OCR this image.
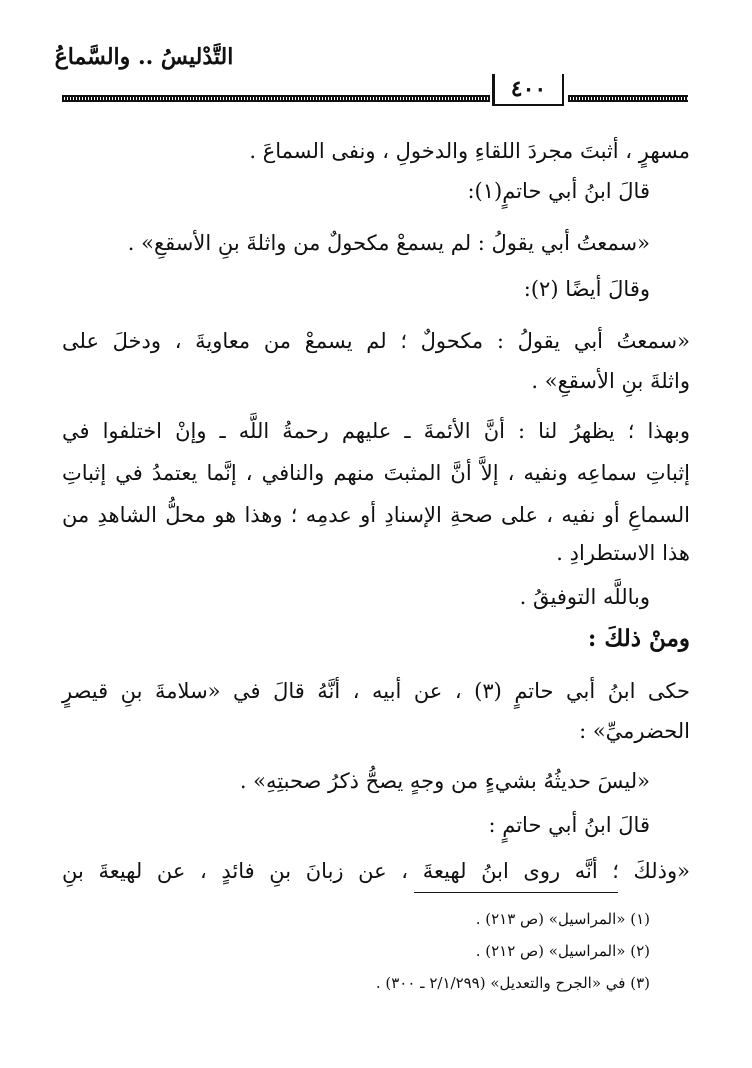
التَّدْليسُ .. والسَّماعُ
٤٠٠
مسهرٍ ، أثبتَ مجردَ اللقاءِ والدخولِ ، ونفى السماعَ .
قالَ ابنُ أبي حاتمٍ(١):
«سمعتُ أبي يقولُ : لم يسمعْ مكحولٌ من واثلةَ بنِ الأسقعِ» .
وقالَ أيضًا (٢):
«سمعتُ أبي يقولُ : مكحولٌ ؛ لم يسمعْ من معاويةَ ، ودخلَ على
واثلةَ بنِ الأسقعِ» .
وبهذا ؛ يظهرُ لنا : أنَّ الأئمةَ ـ عليهم رحمةُ اللَّه ـ وإنْ اختلفوا في
إثباتِ سماعِه ونفيه ، إلاَّ أنَّ المثبتَ منهم والنافي ، إنَّما يعتمدُ في إثباتِ
السماعِ أو نفيه ، على صحةِ الإسنادِ أو عدمِه ؛ وهذا هو محلُّ الشاهدِ من
هذا الاستطرادِ .
وباللَّه التوفيقُ .
ومنْ ذلكَ :
حكى ابنُ أبي حاتمٍ (٣) ، عن أبيه ، أنَّهُ قالَ في «سلامةَ بنِ قيصرٍ
الحضرميِّ» :
«ليسَ حديثُهُ بشيءٍ من وجهٍ يصحُّ ذكرُ صحبتِهِ» .
قالَ ابنُ أبي حاتمٍ :
«وذلكَ ؛ أنَّه روى ابنُ لهيعةَ ، عن زبانَ بنِ فائدٍ ، عن لهيعةَ بنِ
(١) «المراسيل» (ص ٢١٣) .
(٢) «المراسيل» (ص ٢١٢) .
(٣) في «الجرح والتعديل» (٢/١/٢٩٩ ـ ٣٠٠) .
